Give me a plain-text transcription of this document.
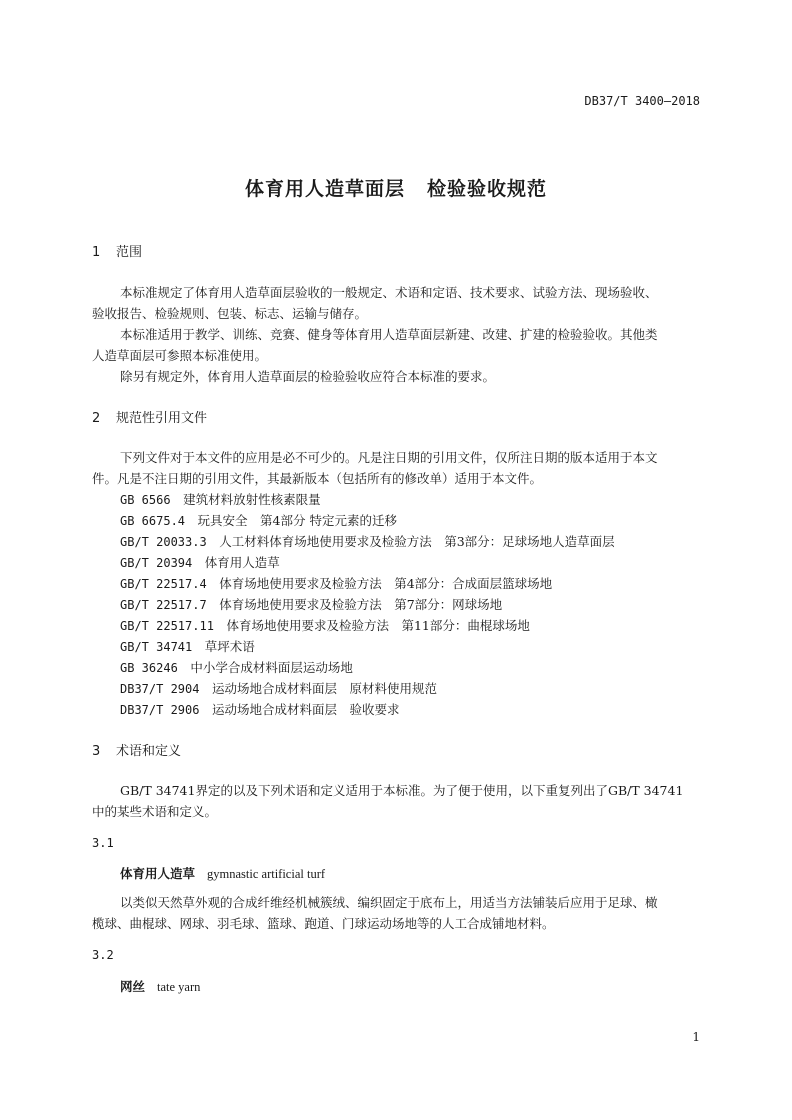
DB37/T 3400—2018
体育用人造草面层 检验验收规范
1 范围
本标准规定了体育用人造草面层验收的一般规定、术语和定语、技术要求、试验方法、现场验收、
验收报告、检验规则、包装、标志、运输与储存。
本标准适用于教学、训练、竞赛、健身等体育用人造草面层新建、改建、扩建的检验验收。其他类
人造草面层可参照本标准使用。
除另有规定外，体育用人造草面层的检验验收应符合本标准的要求。
2 规范性引用文件
下列文件对于本文件的应用是必不可少的。凡是注日期的引用文件，仅所注日期的版本适用于本文
件。凡是不注日期的引用文件，其最新版本（包括所有的修改单）适用于本文件。
GB 6566　 建筑材料放射性核素限量
GB 6675.4　 玩具安全　第4部分 特定元素的迁移
GB/T 20033.3　 人工材料体育场地使用要求及检验方法　第3部分：足球场地人造草面层
GB/T 20394　 体育用人造草
GB/T 22517.4　 体育场地使用要求及检验方法　第4部分：合成面层篮球场地
GB/T 22517.7　 体育场地使用要求及检验方法　第7部分：网球场地
GB/T 22517.11　 体育场地使用要求及检验方法　第11部分：曲棍球场地
GB/T 34741　 草坪术语
GB 36246　 中小学合成材料面层运动场地
DB37/T 2904　 运动场地合成材料面层　原材料使用规范
DB37/T 2906　 运动场地合成材料面层　验收要求
3 术语和定义
GB/T 34741界定的以及下列术语和定义适用于本标准。为了便于使用，以下重复列出了GB/T 34741
中的某些术语和定义。
3.1
体育用人造草 gymnastic artificial turf
以类似天然草外观的合成纤维经机械簇绒、编织固定于底布上，用适当方法铺装后应用于足球、橄
榄球、曲棍球、网球、羽毛球、篮球、跑道、门球运动场地等的人工合成铺地材料。
3.2
网丝 tate yarn
1
